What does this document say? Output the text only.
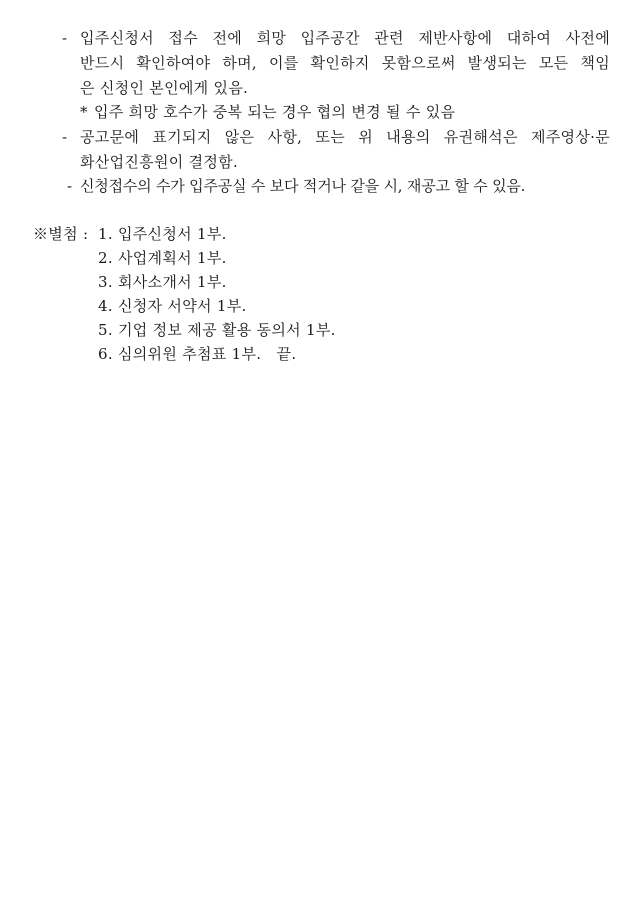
- 입주신청서 접수 전에 희망 입주공간 관련 제반사항에 대하여 사전에
반드시 확인하여야 하며, 이를 확인하지 못함으로써 발생되는 모든 책임
은 신청인 본인에게 있음.
* 입주 희망 호수가 중복 되는 경우 협의 변경 될 수 있음
- 공고문에 표기되지 않은 사항, 또는 위 내용의 유권해석은 제주영상·문
화산업진흥원이 결정함.
- 신청접수의 수가 입주공실 수 보다 적거나 같을 시, 재공고 할 수 있음.
※별첨 : 1. 입주신청서 1부.
2. 사업계획서 1부.
3. 회사소개서 1부.
4. 신청자 서약서 1부.
5. 기업 정보 제공 활용 동의서 1부.
6. 심의위원 추첨표 1부.   끝.
